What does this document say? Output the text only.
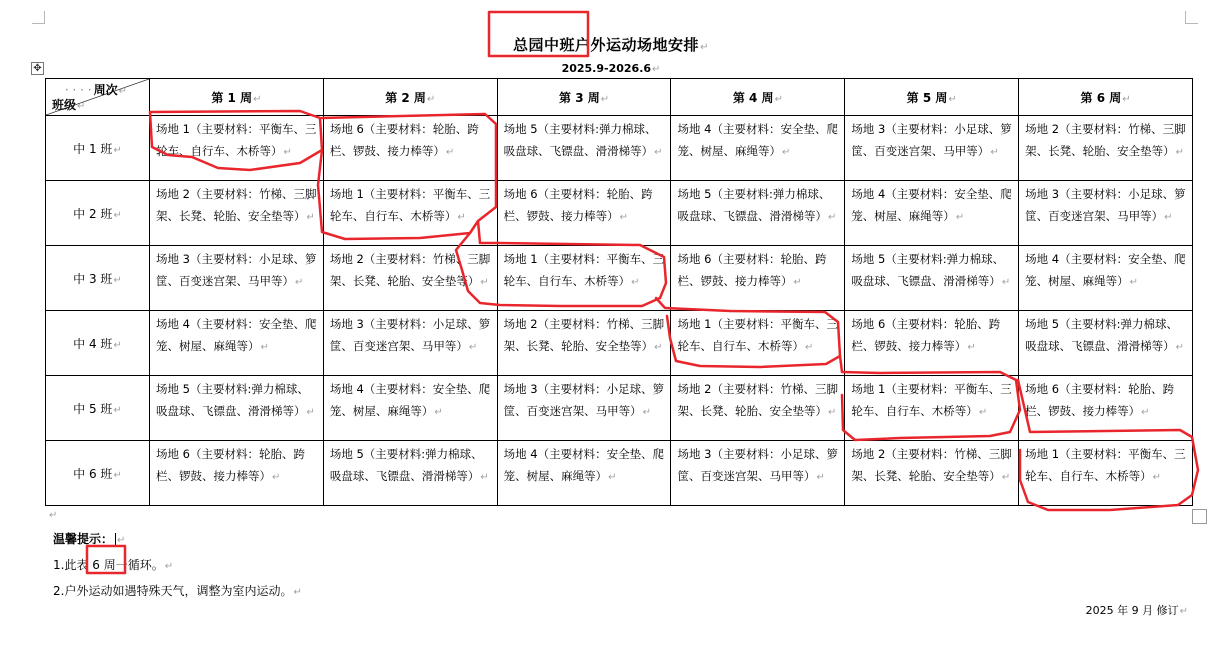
总园中班户外运动场地安排↵
2025.9-2026.6↵
✥
· · · · 周次↵
班级↵	第 1 周↵	第 2 周↵	第 3 周↵	第 4 周↵	第 5 周↵	第 6 周↵
中 1 班↵	场地 1（主要材料：平衡车、三轮车、自行车、木桥等）↵	场地 6（主要材料：轮胎、跨栏、锣鼓、接力棒等）↵	场地 5（主要材料:弹力棉球、吸盘球、飞镖盘、滑滑梯等）↵	场地 4（主要材料：安全垫、爬笼、树屋、麻绳等）↵	场地 3（主要材料：小足球、箩筐、百变迷宫架、马甲等）↵	场地 2（主要材料：竹梯、三脚架、长凳、轮胎、安全垫等）↵
中 2 班↵	场地 2（主要材料：竹梯、三脚架、长凳、轮胎、安全垫等）↵	场地 1（主要材料：平衡车、三轮车、自行车、木桥等）↵	场地 6（主要材料：轮胎、跨栏、锣鼓、接力棒等）↵	场地 5（主要材料:弹力棉球、吸盘球、飞镖盘、滑滑梯等）↵	场地 4（主要材料：安全垫、爬笼、树屋、麻绳等）↵	场地 3（主要材料：小足球、箩筐、百变迷宫架、马甲等）↵
中 3 班↵	场地 3（主要材料：小足球、箩筐、百变迷宫架、马甲等）↵	场地 2（主要材料：竹梯、三脚架、长凳、轮胎、安全垫等）↵	场地 1（主要材料：平衡车、三轮车、自行车、木桥等）↵	场地 6（主要材料：轮胎、跨栏、锣鼓、接力棒等）↵	场地 5（主要材料:弹力棉球、吸盘球、飞镖盘、滑滑梯等）↵	场地 4（主要材料：安全垫、爬笼、树屋、麻绳等）↵
中 4 班↵	场地 4（主要材料：安全垫、爬笼、树屋、麻绳等）↵	场地 3（主要材料：小足球、箩筐、百变迷宫架、马甲等）↵	场地 2（主要材料：竹梯、三脚架、长凳、轮胎、安全垫等）↵	场地 1（主要材料：平衡车、三轮车、自行车、木桥等）↵	场地 6（主要材料：轮胎、跨栏、锣鼓、接力棒等）↵	场地 5（主要材料:弹力棉球、吸盘球、飞镖盘、滑滑梯等）↵
中 5 班↵	场地 5（主要材料:弹力棉球、吸盘球、飞镖盘、滑滑梯等）↵	场地 4（主要材料：安全垫、爬笼、树屋、麻绳等）↵	场地 3（主要材料：小足球、箩筐、百变迷宫架、马甲等）↵	场地 2（主要材料：竹梯、三脚架、长凳、轮胎、安全垫等）↵	场地 1（主要材料：平衡车、三轮车、自行车、木桥等）↵	场地 6（主要材料：轮胎、跨栏、锣鼓、接力棒等）↵
中 6 班↵	场地 6（主要材料：轮胎、跨栏、锣鼓、接力棒等）↵	场地 5（主要材料:弹力棉球、吸盘球、飞镖盘、滑滑梯等）↵	场地 4（主要材料：安全垫、爬笼、树屋、麻绳等）↵	场地 3（主要材料：小足球、箩筐、百变迷宫架、马甲等）↵	场地 2（主要材料：竹梯、三脚架、长凳、轮胎、安全垫等）↵	场地 1（主要材料：平衡车、三轮车、自行车、木桥等）↵
↵
温馨提示： ↵
1.此表 6 周一循环。↵
2.户外运动如遇特殊天气，调整为室内运动。↵
2025 年 9 月 修订↵
